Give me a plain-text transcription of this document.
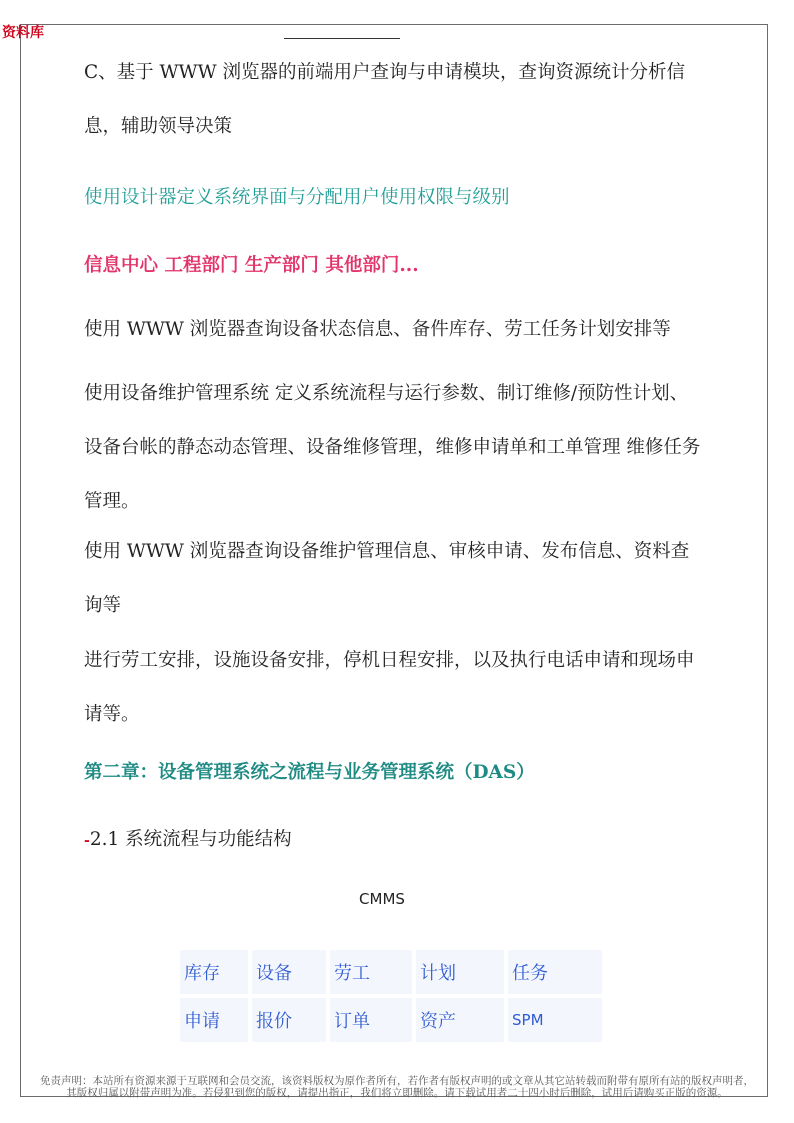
资料库

C、基于 WWW 浏览器的前端用户查询与申请模块，查询资源统计分析信息，辅助领导决策

使用设计器定义系统界面与分配用户使用权限与级别

信息中心 工程部门 生产部门 其他部门...

使用 WWW 浏览器查询设备状态信息、备件库存、劳工任务计划安排等

使用设备维护管理系统 定义系统流程与运行参数、制订维修/预防性计划、设备台帐的静态动态管理、设备维修管理，维修申请单和工单管理 维修任务管理。

使用 WWW 浏览器查询设备维护管理信息、审核申请、发布信息、资料查询等

进行劳工安排，设施设备安排，停机日程安排，以及执行电话申请和现场申请等。

第二章：设备管理系统之流程与业务管理系统（DAS）

-2.1 系统流程与功能结构
CMMS
库存	设备	劳工	计划	任务
申请	报价	订单	资产	SPM
免责声明：本站所有资源来源于互联网和会员交流，该资料版权为原作者所有，若作者有版权声明的或文章从其它站转载而附带有原所有站的版权声明者，
其版权归属以附带声明为准。若侵犯到您的版权，请提出指正，我们将立即删除。请下载试用者二十四小时后删除，试用后请购买正版的资源。
